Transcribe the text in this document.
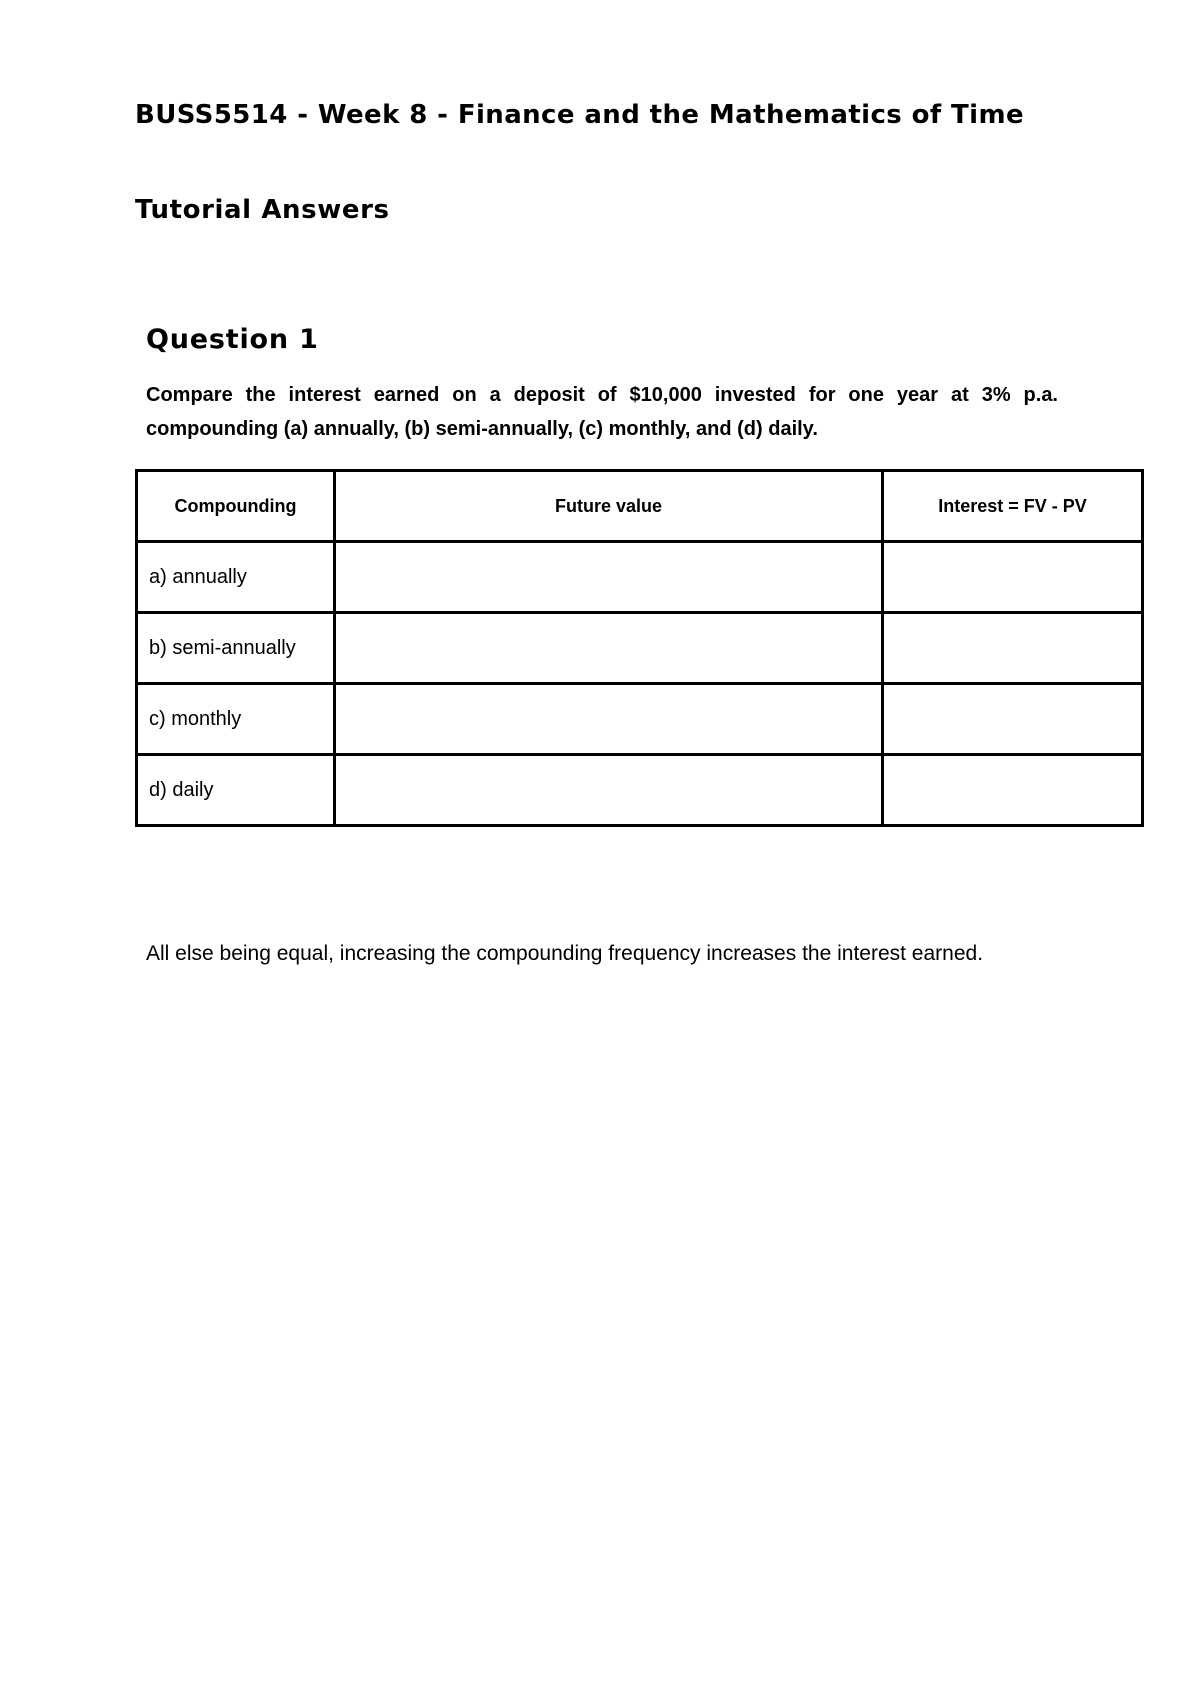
BUSS5514 - Week 8 - Finance and the Mathematics of Time
Tutorial Answers
Question 1

Compare the interest earned on a deposit of $10,000 invested for one year at 3% p.a. compounding (a) annually, (b) semi-annually, (c) monthly, and (d) daily.

Compounding	Future value	Interest = FV - PV
a) annually		
b) semi-annually		
c) monthly		
d) daily		

All else being equal, increasing the compounding frequency increases the interest earned.
